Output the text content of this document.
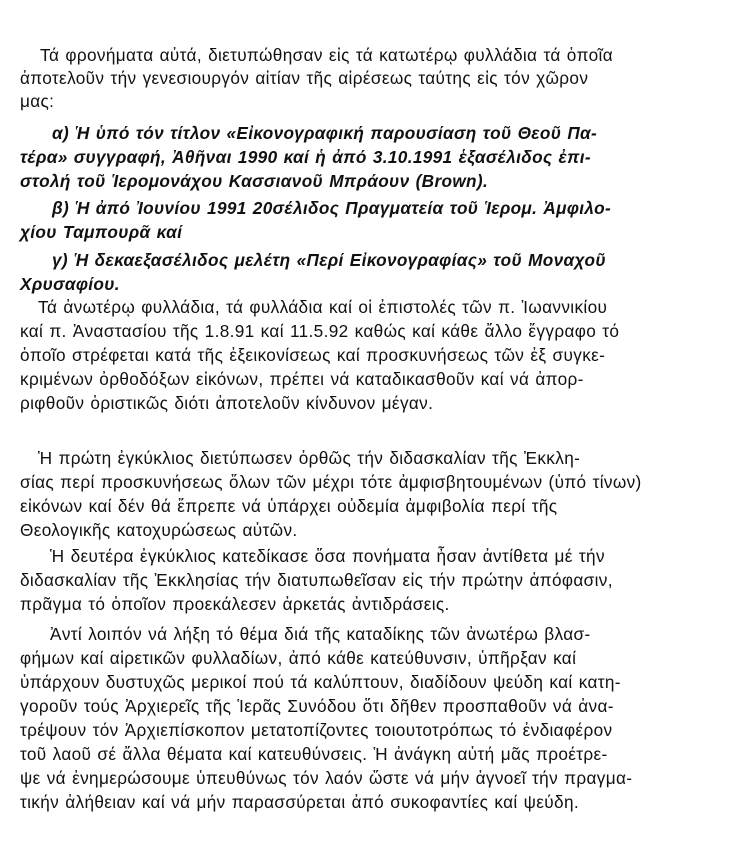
Τά φρονήματα αὐτά, διετυπώθησαν εἰς τά κατωτέρῳ φυλλάδια τά ὁποῖα
ἀποτελοῦν τήν γενεσιουργόν αἰτίαν τῆς αἱρέσεως ταύτης εἰς τόν χῶρον
μας:
α) Ἡ ὑπό τόν τίτλον «Εἰκονογραφική παρουσίαση τοῦ Θεοῦ Πα-
τέρα» συγγραφή, Ἀθῆναι 1990 καί ἡ ἀπό 3.10.1991 ἑξασέλιδος ἐπι-
στολή τοῦ Ἱερομονάχου Κασσιανοῦ Μπράουν (Brown).
β) Ἡ ἀπό Ἰουνίου 1991 20σέλιδος Πραγματεία τοῦ Ἱερομ. Ἀμφιλο-
χίου Ταμπουρᾶ καί
γ) Ἡ δεκαεξασέλιδος μελέτη «Περί Εἰκονογραφίας» τοῦ Μοναχοῦ
Χρυσαφίου.
Τά ἀνωτέρῳ φυλλάδια, τά φυλλάδια καί οἱ ἐπιστολές τῶν π. Ἰωαννικίου
καί π. Ἀναστασίου τῆς 1.8.91 καί 11.5.92 καθώς καί κάθε ἄλλο ἔγγραφο τό
ὁποῖο στρέφεται κατά τῆς ἐξεικονίσεως καί προσκυνήσεως τῶν ἐξ συγκε-
κριμένων ὀρθοδόξων εἰκόνων, πρέπει νά καταδικασθοῦν καί νά ἀπορ-
ριφθοῦν ὁριστικῶς διότι ἀποτελοῦν κίνδυνον μέγαν.
Ἡ πρώτη ἐγκύκλιος διετύπωσεν ὀρθῶς τήν διδασκαλίαν τῆς Ἐκκλη-
σίας περί προσκυνήσεως ὅλων τῶν μέχρι τότε ἀμφισβητουμένων (ὑπό τίνων)
εἰκόνων καί δέν θά ἔπρεπε νά ὑπάρχει οὐδεμία ἀμφιβολία περί τῆς
Θεολογικῆς κατοχυρώσεως αὐτῶν.
Ἡ δευτέρα ἐγκύκλιος κατεδίκασε ὅσα πονήματα ἦσαν ἀντίθετα μέ τήν
διδασκαλίαν τῆς Ἐκκλησίας τήν διατυπωθεῖσαν εἰς τήν πρώτην ἀπόφασιν,
πρᾶγμα τό ὁποῖον προεκάλεσεν ἀρκετάς ἀντιδράσεις.
Ἀντί λοιπόν νά λήξη τό θέμα διά τῆς καταδίκης τῶν ἀνωτέρω βλασ-
φήμων καί αἱρετικῶν φυλλαδίων, ἀπό κάθε κατεύθυνσιν, ὑπῆρξαν καί
ὑπάρχουν δυστυχῶς μερικοί πού τά καλύπτουν, διαδίδουν ψεύδη καί κατη-
γοροῦν τούς Ἀρχιερεῖς τῆς Ἱερᾶς Συνόδου ὅτι δῆθεν προσπαθοῦν νά ἀνα-
τρέψουν τόν Ἀρχιεπίσκοπον μετατοπίζοντες τοιουτοτρόπως τό ἐνδιαφέρον
τοῦ λαοῦ σέ ἄλλα θέματα καί κατευθύνσεις. Ἡ ἀνάγκη αὐτή μᾶς προέτρε-
ψε νά ἐνημερώσουμε ὑπευθύνως τόν λαόν ὥστε νά μήν ἀγνοεῖ τήν πραγμα-
τικήν ἀλήθειαν καί νά μήν παρασσύρεται ἀπό συκοφαντίες καί ψεύδη.
